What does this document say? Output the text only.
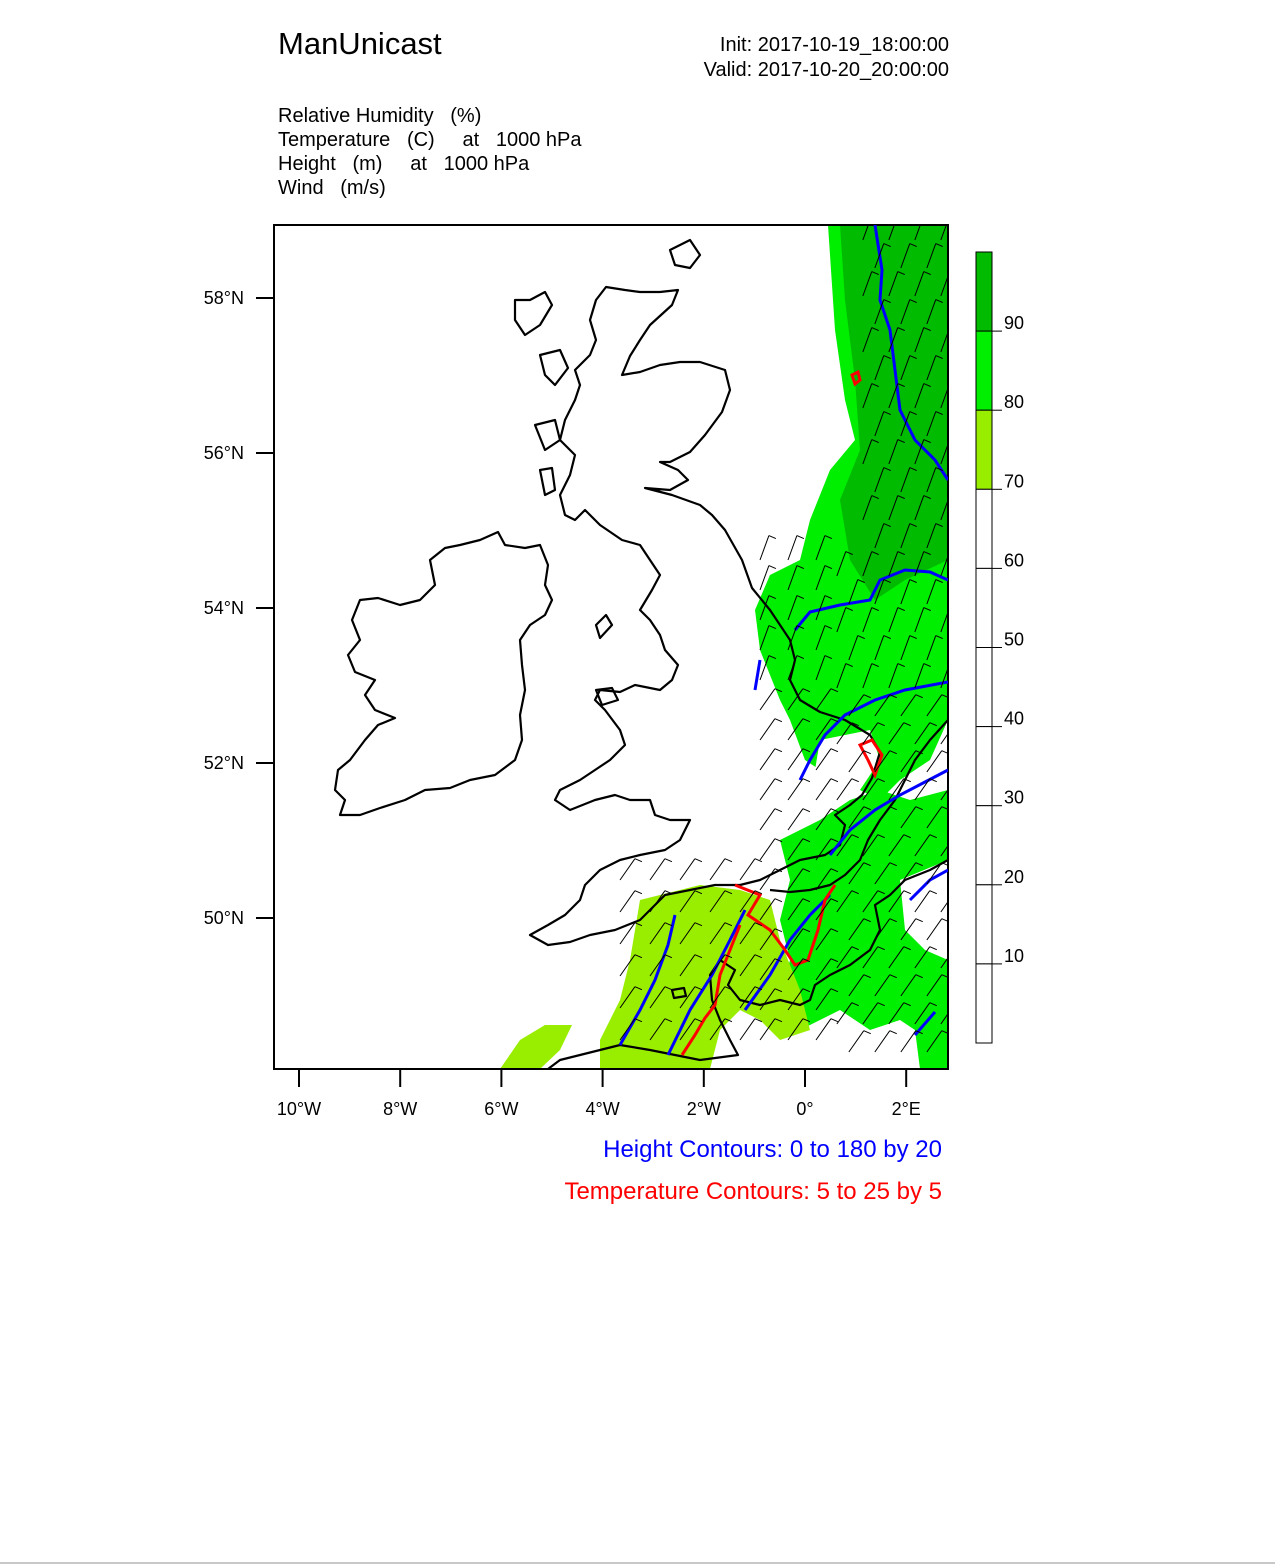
ManUnicast	Init: 2017-10-19_18:00:00
Valid: 2017-10-20_20:00:00
Relative Humidity   (%)
Temperature   (C)     at   1000 hPa
Height   (m)     at   1000 hPa
Wind   (m/s)
58°N
56°N
54°N
52°N
50°N
10°W	8°W	6°W	4°W	2°W	0°	2°E
90
80
70
60
50
40
30
20
10
Height Contours: 0 to 180 by 20
Temperature Contours: 5 to 25 by 5
